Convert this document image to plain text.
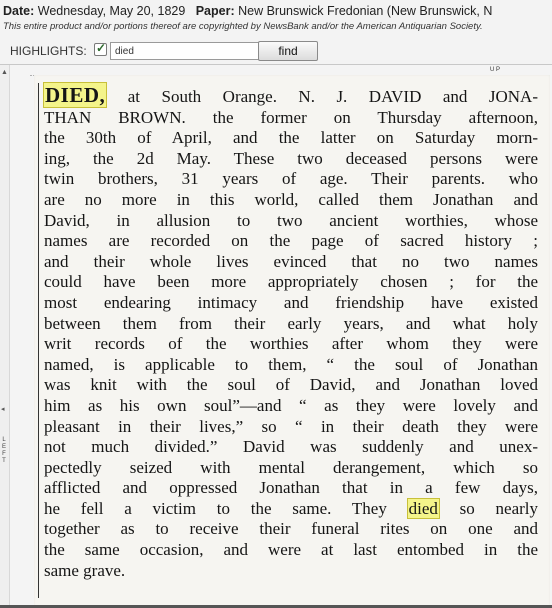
Date: Wednesday, May 20, 1829 Paper: New Brunswick Fredonian (New Brunswick, N
This entire product and/or portions thereof are copyrighted by NewsBank and/or the American Antiquarian Society.
HIGHLIGHTS: ✓
died	find
▲
◂
L
E
F
T
U P
DIED, at South Orange. N. J. DAVID and JONA-
THAN BROWN. the former on Thursday afternoon,
the 30th of April, and the latter on Saturday morn-
ing, the 2d May. These two deceased persons were
twin brothers, 31 years of age. Their parents. who
are no more in this world, called them Jonathan and
David, in allusion to two ancient worthies, whose
names are recorded on the page of sacred history ;
and their whole lives evinced that no two names
could have been more appropriately chosen ; for the
most endearing intimacy and friendship have existed
between them from their early years, and what holy
writ records of the worthies after whom they were
named, is applicable to them, “ the soul of Jonathan
was knit with the soul of David, and Jonathan loved
him as his own soul”—and “ as they were lovely and
pleasant in their lives,” so “ in their death they were
not much divided.” David was suddenly and unex-
pectedly seized with mental derangement, which so
afflicted and oppressed Jonathan that in a few days,
he fell a victim to the same. They died so nearly
together as to receive their funeral rites on one and
the same occasion, and were at last entombed in the
same grave.
